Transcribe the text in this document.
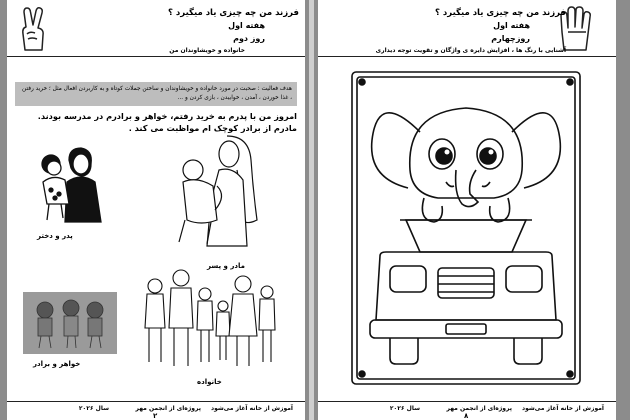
فرزند من چه چیزی یاد میگیرد ؟
هفته اول
روز دوم
خانواده و خویشاوندان من
هدف فعالیت : صحبت در مورد خانواده و خویشاوندان و ساختن جملات کوتاه و به کاربردن افعال مثل ؛ خرید رفتن ، غذا خوردن ، آمدن ، خوابیدن ، بازی کردن و ...
امروز من با پدرم به خرید رفتم، خواهر و برادرم در مدرسه بودند. مادرم از برادر کوچک ام مواظبت می کند .
پدر و دختر
مادر و پسر
خواهر و برادر
خانواده
آموزش از خانه آغاز می‌شود
پروژه‌ای از انجمن مهر
سال ۲۰۲۶
۲
فرزند من چه چیزی یاد میگیرد ؟
هفته اول
روزچهارم
آشنایی با رنگ ها ، افزایش دایره ی واژگان و تقویت توجه دیداری
آموزش از خانه آغاز می‌شود
پروژه‌ای از انجمن مهر
سال ۲۰۲۶
۸
